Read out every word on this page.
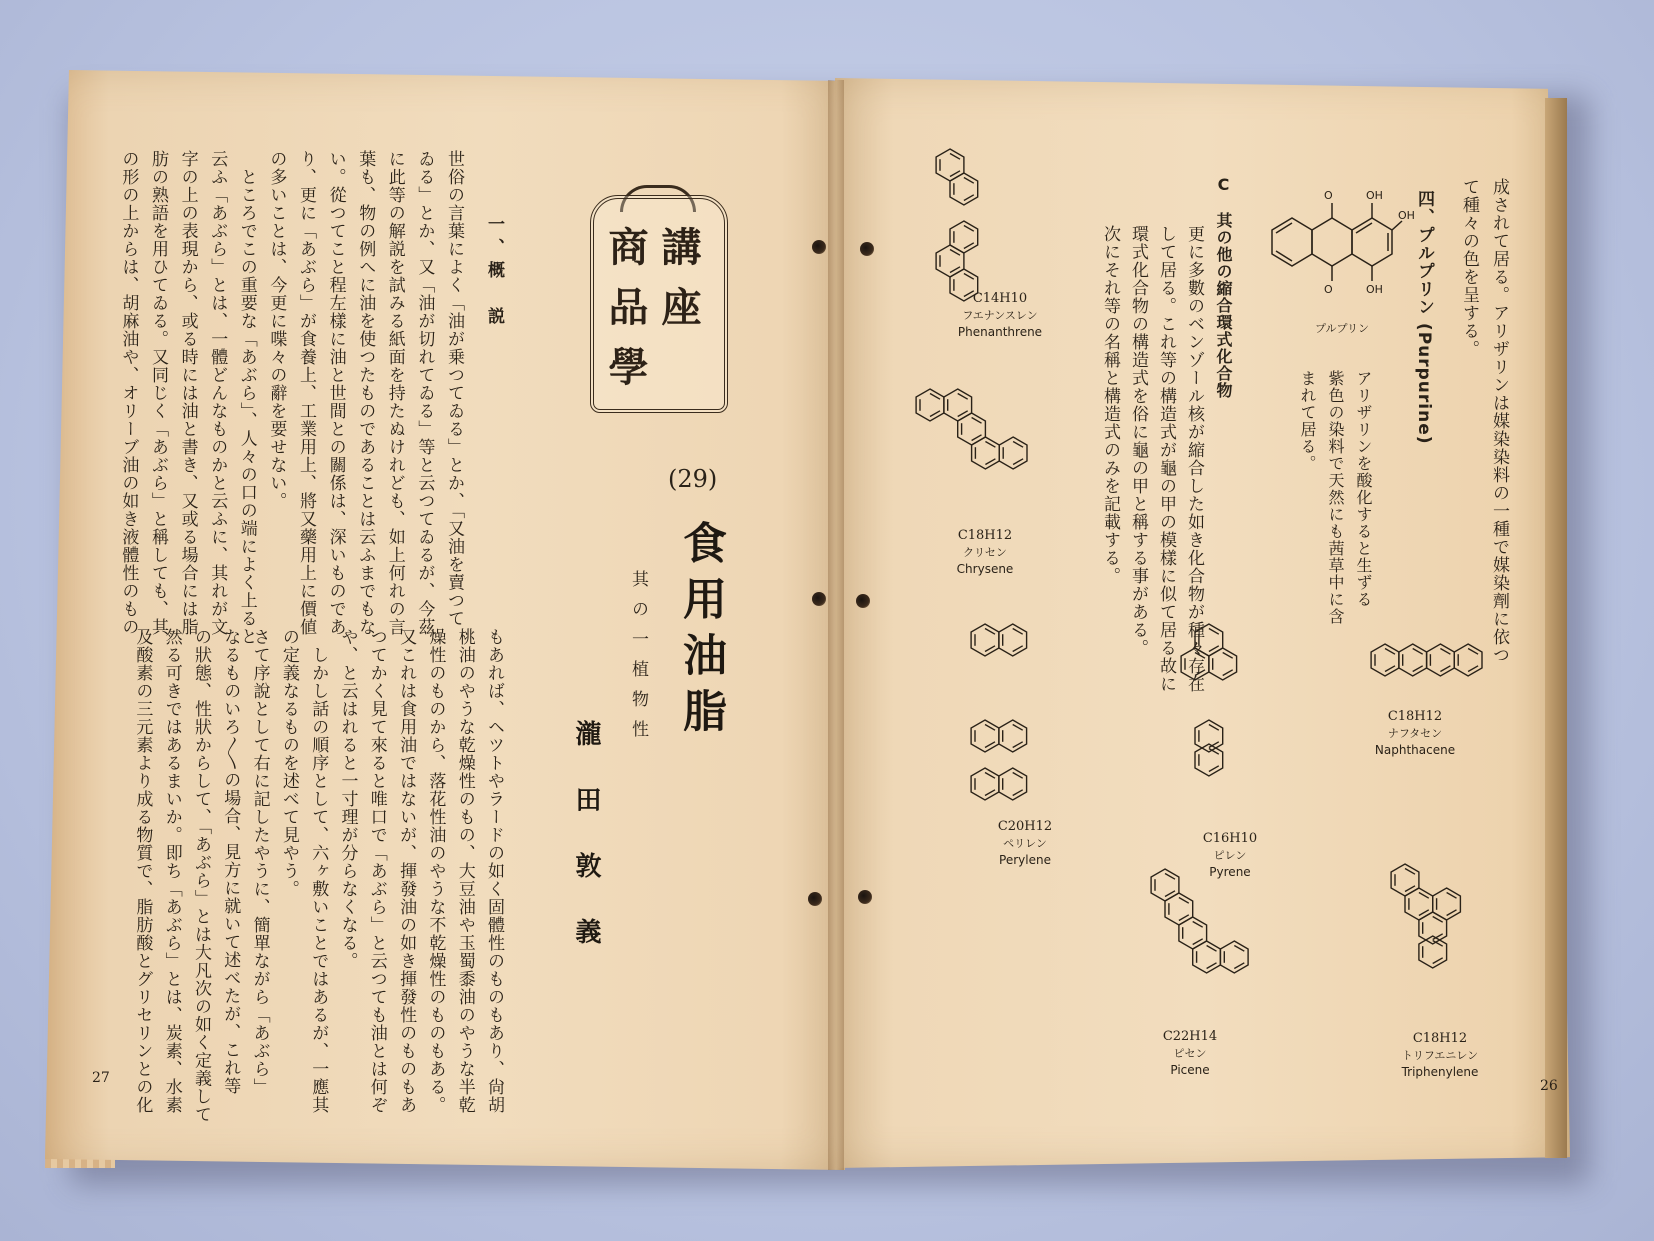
世俗の言葉によく「油が乗つてゐる」とか、「又油を賣つて
ゐる」とか、又「油が切れてゐる」等と云つてゐるが、今茲
に此等の解説を試みる紙面を持たぬけれども、如上何れの言
葉も、物の例へに油を使つたものであることは云ふまでもな
い。從つてこと程左樣に油と世間との關係は、深いものであ
り、更に「あぶら」が食養上、工業用上、將又藥用上に價値
の多いことは、今更に喋々の辭を要せない。
　ところでこの重要な「あぶら」、人々の口の端によく上ると
云ふ「あぶら」とは、一體どんなものかと云ふに、其れが文
字の上の表現から、或る時には油と書き、又或る場合には脂
肪の熟語を用ひてゐる。又同じく「あぶら」と稱しても、其
の形の上からは、胡麻油や、オリーブ油の如き液體性のもの
もあれば、ヘツトやラードの如く固體性のものもあり、尙胡
桃油のやうな乾燥性のもの、大豆油や玉蜀黍油のやうな半乾
燥性のものから、落花性油のやうな不乾燥性のものもある。
又これは食用油ではないが、揮發油の如き揮發性のものもあ
つてかく見て來ると唯口で「あぶら」と云つても油とは何ぞ
や、と云はれると一寸理が分らなくなる。
　しかし話の順序として、六ヶ敷いことではあるが、一應其
の定義なるものを述べて見やう。
さて序說として右に記したやうに、簡單ながら「あぶら」
なるものいろ〳〵の場合、見方に就いて述べたが、これ等
の狀態、性狀からして、「あぶら」とは大凡次の如く定義して
然る可きではあるまいか。即ち「あぶら」とは、炭素、水素
及酸素の三元素より成る物質で、脂肪酸とグリセリンとの化
一、概　説	商 講
品 座
學
(29)
食用油脂
其の一植物性
瀧田敦義
27
成されて居る。アリザリンは媒染染料の一種で媒染劑に依つ
て種々の色を呈する。
四、プルプリン (Purpurine)
アリザリンを酸化すると生ずる
紫色の染料で天然にも茜草中に含
まれて居る。
C　其の他の縮合環式化合物
更に多數のベンゾール核が縮合した如き化合物が種々存在
して居る。これ等の構造式が龜の甲の模樣に似て居る故に
環式化合物の構造式を俗に龜の甲と稱する事がある。
次にそれ等の名稱と構造式のみを記載する。
O	OH
OH
O	OH
プルプリン
C14H10
フエナンスレン
Phenanthrene
C18H12
クリセン
Chrysene
C20H12
ペリレン
Perylene
C16H10
ピレン
Pyrene
C18H12
ナフタセン
Naphthacene
C22H14
ピセン
Picene
C18H12
トリフエニレン
Triphenylene
26
